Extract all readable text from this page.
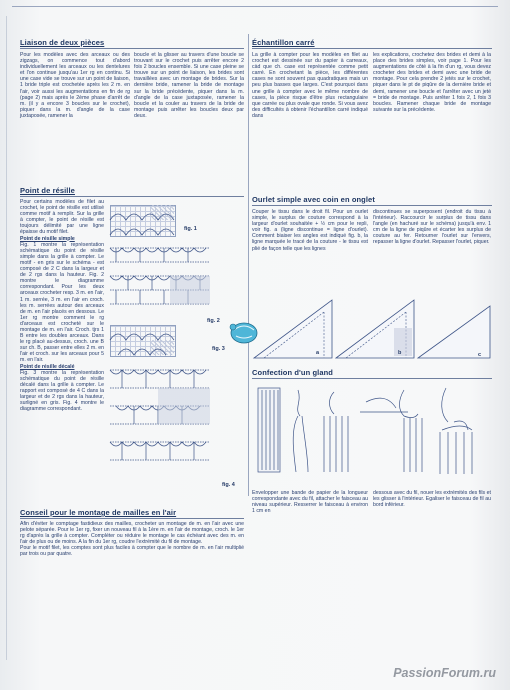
Liaison de deux pièces
Pour les modèles avec des arceaux ou des zigzags, on commence tout d'abord individuellement les arceaux ou les dentelures et l'on continue jusqu'au 1er rg en continu. Si une case vide se trouve sur un point de liaison, 1 bride triple est crochetée après les 2 m. en l'air, voir aussi les augmentations en fin de rg (page 2) mais après le 2ème phase d'arrêt de m. (il y a encore 3 boucles sur le crochet), piquer dans la m. d'angle de la case juxtaposée, ramener la
boucle et la glisser au travers d'une boucle se trouvant sur le crochet puis arrêter encore 2 fois 2 boucles ensemble. Si une case pleine se trouve sur un point de liaison, les brides sont travaillées avec un montage de brides. Sur la dernière bride, ramener la bride de montage sur la bride précédente, piquer dans la m. d'angle de la case juxtaposée, ramener la boucle et la couler au travers de la bride de montage puis arrêter les boucles deux par deux.
Échantillon carré
La grille à compter pour les modèles en filet au crochet est dessinée sur du papier à carreaux, càd que ch. case est représentée comme petit carré. En crochetant la pièce, les différentes cases ne sont souvent pas quadratiques mais un peu plus basses que larges. C'est pourquoi dans une grille à compter avec le même nombre de cases, la pièce risque d'être plus rectangulaire que carrée ou plus ovale que ronde. Si vous avez des difficultés à obtenir l'échantillon carré indiqué dans
les explications, crochetez des brides et demi à la place des brides simples, voir page 1. Pour les augmentations de côté à la fin d'un rg, vous devez crocheter des brides et demi avec une bride de montage. Pour cela prendre 2 jetés sur le crochet, piquer dans le pt de piqûre de la dernière bride et demi, ramener une boucle et l'arrêter avec un jeté = bride de montage. Puis arrêter 1 fois 2, 1 fois 3 boucles. Ramener chaque bride de montage suivante sur la précédente.
Point de résille
Pour certains modèles de filet au crochet, le point de résille est utilisé comme motif à remplir. Sur la grille à compter, le point de résille est toujours délimité par une ligne épaisse du motif filet.
Point de résille simple
Fig. 1 montre la représentation schématique du point de résille simple dans la grille à compter. Le motif - en gris sur le schéma - est composé de 2 C dans la largeur et de 2 rgs dans la hauteur. Fig. 2 montre le diagramme correspondant. Pour les deux arceaux crocheter resp. 3 m. en l'air, 1 m. serrée, 3 m. en l'air en croch. les m. serrées autour des arceaux de m. en l'air placés en dessous. Le 1er rg montre comment le rg d'arceaux est crocheté sur le montage de m. en l'air. Croch. tjrs 1 B entre les doubles arceaux. Dans le rg placé au-dessus, croch. une B sur ch. B, passer entre elles 2 m. en l'air et croch. sur les arceaux pour 5 m. en l'air.
Point de résille décalé
Fig. 3 montre la représentation schématique du point de résille décalé dans la grille à compter. Le rapport est composé de 4 C dans la largeur et de 2 rgs dans la hauteur, surligné en gris. Fig. 4 montre le diagramme correspondant.
fig. 1
fig. 2
fig. 3
fig. 4
Ourlet simple avec coin en onglet
Couper le tissu dans le droit fil. Pour un ourlet simple, le surplus de couture correspond à la largeur d'ourlet souhaitée + ½ cm pour le repli, voir fig. a (ligne discontinue = ligne d'ourlet). Comment biaiser les angles est indiqué fig. b, la ligne marquée le tracé de la couture - le tissu est plié de façon telle que les lignes
discontinues se superposent (endroit du tissu à l'intérieur). Raccourcir le surplus de tissu dans l'angle (en hachuré sur le schéma) jusqu'à env. 1 cm de la ligne de piqûre et écarter les surplus de couture au fer. Retourner l'ourlet sur l'envers, repasser la ligne d'ourlet. Repasser l'ourlet, piquer.
a	b	c
Confection d'un gland
Envelopper une bande de papier de la longueur correspondante avec du fil, attacher le faisceau au niveau supérieur. Resserrer le faisceau à environ 1 cm en
dessous avec du fil, nouer les extrémités des fils et les glisser à l'intérieur. Egaliser le faisceau de fil au bord inférieur.
Conseil pour le montage de mailles en l'air
Afin d'éviter le comptage fastidieux des mailles, crocheter un montage de m. en l'air avec une pelote séparée. Pour le 1er rg, fixer un nouveau fil à la 1ère m. en l'air de montage, croch. le 1er rg d'après la grille à compter. Compléter ou réduire le montage le cas échéant avec des m. en l'air de plus ou de moins. A la fin du 1er rg, coudre l'extrémité du fil de montage.
Pour le motif filet, les comptes sont plus faciles à compter que le nombre de m. en l'air multiplié par trois ou par quatre.
PassionForum.ru
